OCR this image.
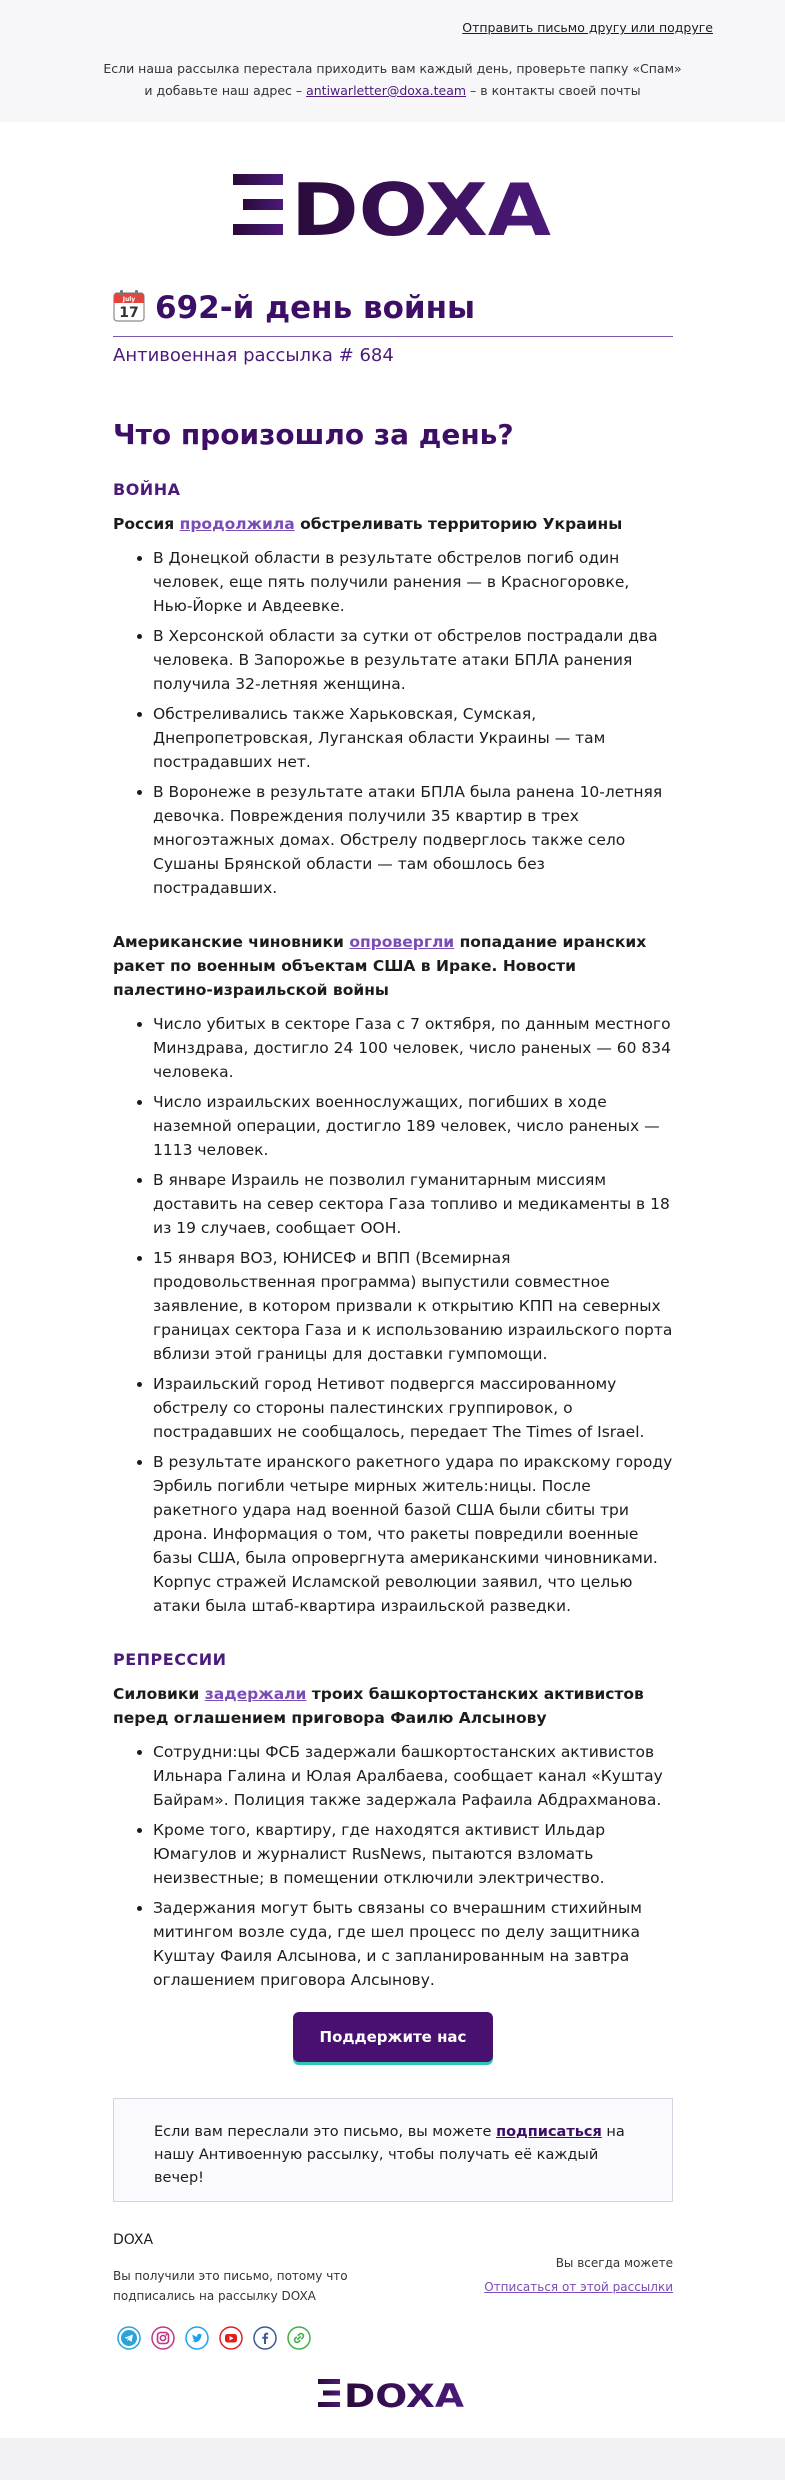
Отправить письмо другу или подруге
Если наша рассылка перестала приходить вам каждый день, проверьте папку «Спам» и добавьте наш адрес – antiwarletter@doxa.team – в контакты своей почты
DOXA
July
17 692-й день войны
Антивоенная рассылка # 684
Что произошло за день?
ВОЙНА
Россия продолжила обстреливать территорию Украины
• В Донецкой области в результате обстрелов погиб один человек, еще пять получили ранения — в Красногоровке, Нью-Йорке и Авдеевке.
• В Херсонской области за сутки от обстрелов пострадали два человека. В Запорожье в результате атаки БПЛА ранения получила 32-летняя женщина.
• Обстреливались также Харьковская, Сумская, Днепропетровская, Луганская области Украины — там пострадавших нет.
• В Воронеже в результате атаки БПЛА была ранена 10-летняя девочка. Повреждения получили 35 квартир в трех многоэтажных домах. Обстрелу подверглось также село Сушаны Брянской области — там обошлось без пострадавших.
Американские чиновники опровергли попадание иранских ракет по военным объектам США в Ираке. Новости палестино-израильской войны
• Число убитых в секторе Газа с 7 октября, по данным местного Минздрава, достигло 24 100 человек, число раненых — 60 834 человека.
• Число израильских военнослужащих, погибших в ходе наземной операции, достигло 189 человек, число раненых — 1113 человек.
• В январе Израиль не позволил гуманитарным миссиям доставить на север сектора Газа топливо и медикаменты в 18 из 19 случаев, сообщает ООН.
• 15 января ВОЗ, ЮНИСЕФ и ВПП (Всемирная продовольственная программа) выпустили совместное заявление, в котором призвали к открытию КПП на северных границах сектора Газа и к использованию израильского порта вблизи этой границы для доставки гумпомощи.
• Израильский город Нетивот подвергся массированному обстрелу со стороны палестинских группировок, о пострадавших не сообщалось, передает The Times of Israel.
• В результате иранского ракетного удара по иракскому городу Эрбиль погибли четыре мирных житель:ницы. После ракетного удара над военной базой США были сбиты три дрона. Информация о том, что ракеты повредили военные базы США, была опровергнута американскими чиновниками. Корпус стражей Исламской революции заявил, что целью атаки была штаб-квартира израильской разведки.
РЕПРЕССИИ
Силовики задержали троих башкортостанских активистов перед оглашением приговора Фаилю Алсынову
• Сотрудни:цы ФСБ задержали башкортостанских активистов Ильнара Галина и Юлая Аралбаева, сообщает канал «Куштау Байрам». Полиция также задержала Рафаила Абдрахманова.
• Кроме того, квартиру, где находятся активист Ильдар Юмагулов и журналист RusNews, пытаются взломать неизвестные; в помещении отключили электричество.
• Задержания могут быть связаны со вчерашним стихийным митингом возле суда, где шел процесс по делу защитника Куштау Фаиля Алсынова, и с запланированным на завтра оглашением приговора Алсынову.
Поддержите нас
Если вам переслали это письмо, вы можете подписаться на нашу Антивоенную рассылку, чтобы получать её каждый вечер!
DOXA
Вы получили это письмо, потому что подписались на рассылку DOXA
Вы всегда можете
Отписаться от этой рассылки
DOXA
